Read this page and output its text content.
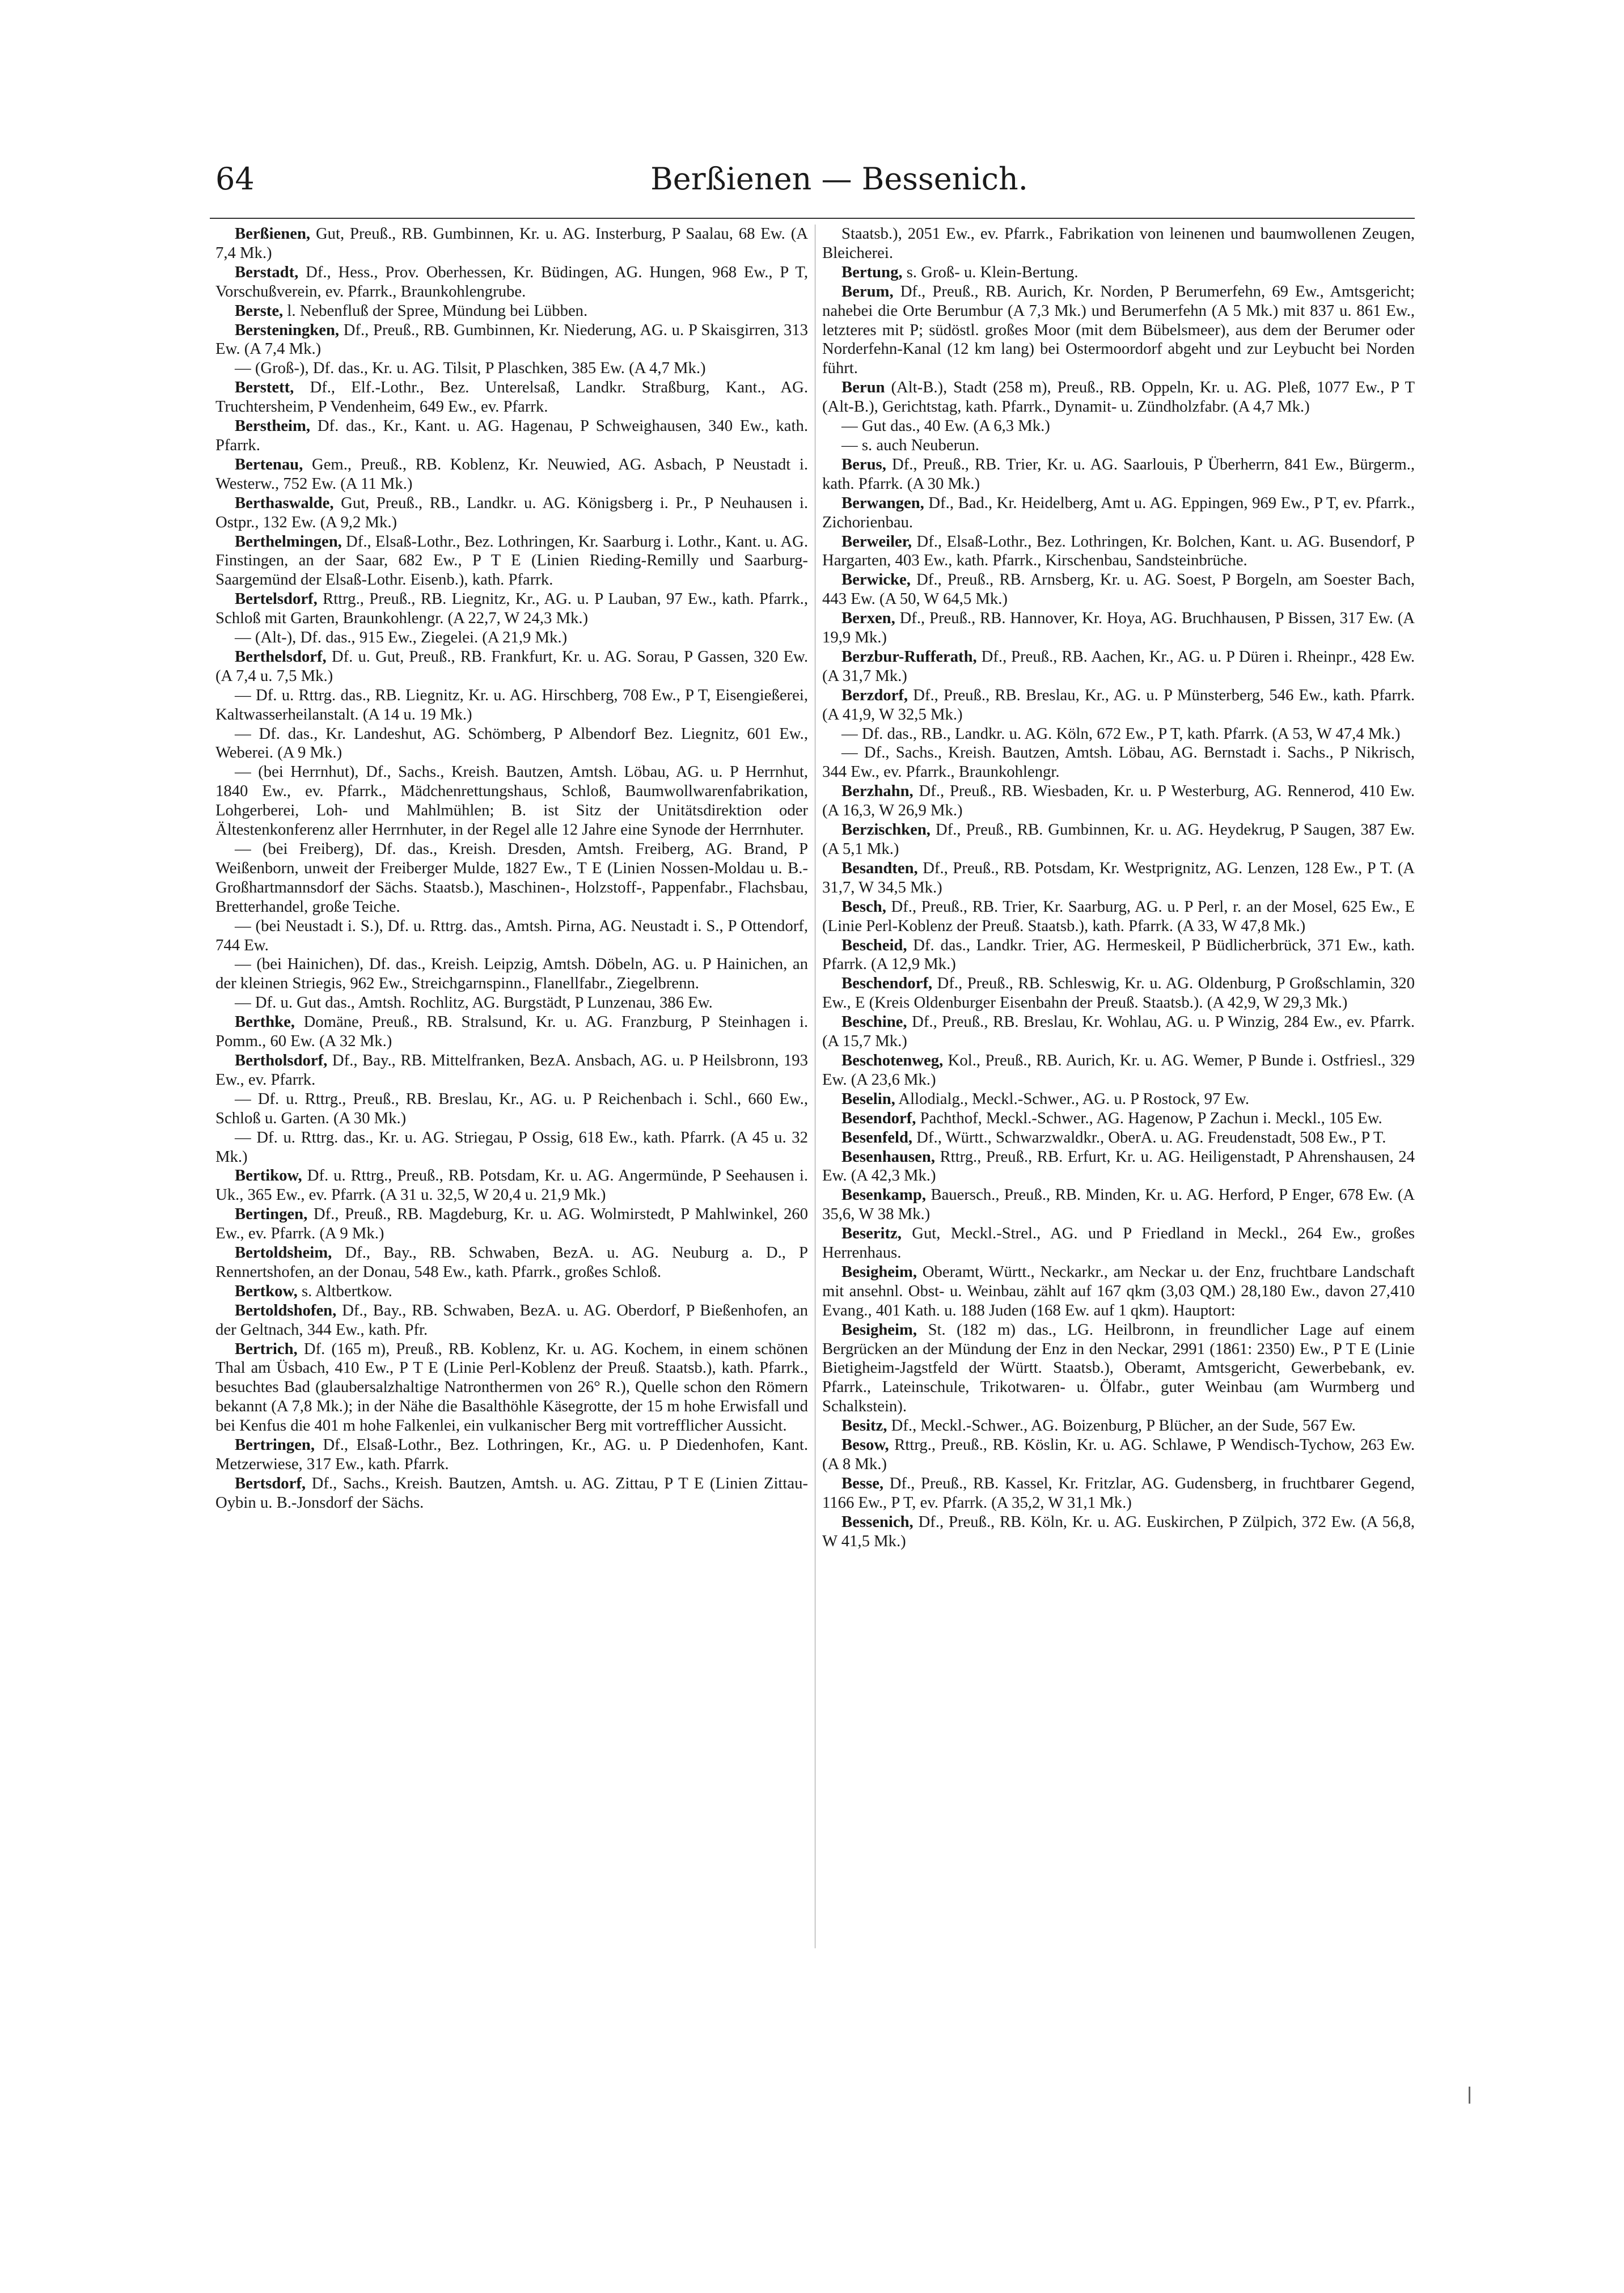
64	Berßienen — Bessenich.

Berßienen, Gut, Preuß., RB. Gumbinnen, Kr. u. AG. Insterburg, P Saalau, 68 Ew. (A 7,4 Mk.)

Berstadt, Df., Hess., Prov. Oberhessen, Kr. Büdingen, AG. Hungen, 968 Ew., P T, Vorschußverein, ev. Pfarrk., Braunkohlengrube.

Berste, l. Nebenfluß der Spree, Mündung bei Lübben.

Bersteningken, Df., Preuß., RB. Gumbinnen, Kr. Niederung, AG. u. P Skaisgirren, 313 Ew. (A 7,4 Mk.)

— (Groß-), Df. das., Kr. u. AG. Tilsit, P Plaschken, 385 Ew. (A 4,7 Mk.)

Berstett, Df., Elf.-Lothr., Bez. Unterelsaß, Landkr. Straßburg, Kant., AG. Truchtersheim, P Vendenheim, 649 Ew., ev. Pfarrk.

Berstheim, Df. das., Kr., Kant. u. AG. Hagenau, P Schweighausen, 340 Ew., kath. Pfarrk.

Bertenau, Gem., Preuß., RB. Koblenz, Kr. Neuwied, AG. Asbach, P Neustadt i. Westerw., 752 Ew. (A 11 Mk.)

Berthaswalde, Gut, Preuß., RB., Landkr. u. AG. Königsberg i. Pr., P Neuhausen i. Ostpr., 132 Ew. (A 9,2 Mk.)

Berthelmingen, Df., Elsaß-Lothr., Bez. Lothringen, Kr. Saarburg i. Lothr., Kant. u. AG. Finstingen, an der Saar, 682 Ew., P T E (Linien Rieding-Remilly und Saarburg-Saargemünd der Elsaß-Lothr. Eisenb.), kath. Pfarrk.

Bertelsdorf, Rttrg., Preuß., RB. Liegnitz, Kr., AG. u. P Lauban, 97 Ew., kath. Pfarrk., Schloß mit Garten, Braunkohlengr. (A 22,7, W 24,3 Mk.)

— (Alt-), Df. das., 915 Ew., Ziegelei. (A 21,9 Mk.)

Berthelsdorf, Df. u. Gut, Preuß., RB. Frankfurt, Kr. u. AG. Sorau, P Gassen, 320 Ew. (A 7,4 u. 7,5 Mk.)

— Df. u. Rttrg. das., RB. Liegnitz, Kr. u. AG. Hirschberg, 708 Ew., P T, Eisengießerei, Kaltwasserheilanstalt. (A 14 u. 19 Mk.)

— Df. das., Kr. Landeshut, AG. Schömberg, P Albendorf Bez. Liegnitz, 601 Ew., Weberei. (A 9 Mk.)

— (bei Herrnhut), Df., Sachs., Kreish. Bautzen, Amtsh. Löbau, AG. u. P Herrnhut, 1840 Ew., ev. Pfarrk., Mädchenrettungshaus, Schloß, Baumwollwarenfabrikation, Lohgerberei, Loh- und Mahlmühlen; B. ist Sitz der Unitätsdirektion oder Ältestenkonferenz aller Herrnhuter, in der Regel alle 12 Jahre eine Synode der Herrnhuter.

— (bei Freiberg), Df. das., Kreish. Dresden, Amtsh. Freiberg, AG. Brand, P Weißenborn, unweit der Freiberger Mulde, 1827 Ew., T E (Linien Nossen-Moldau u. B.-Großhartmannsdorf der Sächs. Staatsb.), Maschinen-, Holzstoff-, Pappenfabr., Flachsbau, Bretterhandel, große Teiche.

— (bei Neustadt i. S.), Df. u. Rttrg. das., Amtsh. Pirna, AG. Neustadt i. S., P Ottendorf, 744 Ew.

— (bei Hainichen), Df. das., Kreish. Leipzig, Amtsh. Döbeln, AG. u. P Hainichen, an der kleinen Striegis, 962 Ew., Streichgarnspinn., Flanellfabr., Ziegelbrenn.

— Df. u. Gut das., Amtsh. Rochlitz, AG. Burgstädt, P Lunzenau, 386 Ew.

Berthke, Domäne, Preuß., RB. Stralsund, Kr. u. AG. Franzburg, P Steinhagen i. Pomm., 60 Ew. (A 32 Mk.)

Bertholsdorf, Df., Bay., RB. Mittelfranken, BezA. Ansbach, AG. u. P Heilsbronn, 193 Ew., ev. Pfarrk.

— Df. u. Rttrg., Preuß., RB. Breslau, Kr., AG. u. P Reichenbach i. Schl., 660 Ew., Schloß u. Garten. (A 30 Mk.)

— Df. u. Rttrg. das., Kr. u. AG. Striegau, P Ossig, 618 Ew., kath. Pfarrk. (A 45 u. 32 Mk.)

Bertikow, Df. u. Rttrg., Preuß., RB. Potsdam, Kr. u. AG. Angermünde, P Seehausen i. Uk., 365 Ew., ev. Pfarrk. (A 31 u. 32,5, W 20,4 u. 21,9 Mk.)

Bertingen, Df., Preuß., RB. Magdeburg, Kr. u. AG. Wolmirstedt, P Mahlwinkel, 260 Ew., ev. Pfarrk. (A 9 Mk.)

Bertoldsheim, Df., Bay., RB. Schwaben, BezA. u. AG. Neuburg a. D., P Rennertshofen, an der Donau, 548 Ew., kath. Pfarrk., großes Schloß.

Bertkow, s. Altbertkow.

Bertoldshofen, Df., Bay., RB. Schwaben, BezA. u. AG. Oberdorf, P Bießenhofen, an der Geltnach, 344 Ew., kath. Pfr.

Bertrich, Df. (165 m), Preuß., RB. Koblenz, Kr. u. AG. Kochem, in einem schönen Thal am Üsbach, 410 Ew., P T E (Linie Perl-Koblenz der Preuß. Staatsb.), kath. Pfarrk., besuchtes Bad (glaubersalzhaltige Natronthermen von 26° R.), Quelle schon den Römern bekannt (A 7,8 Mk.); in der Nähe die Basalthöhle Käsegrotte, der 15 m hohe Erwisfall und bei Kenfus die 401 m hohe Falkenlei, ein vulkanischer Berg mit vortrefflicher Aussicht.

Bertringen, Df., Elsaß-Lothr., Bez. Lothringen, Kr., AG. u. P Diedenhofen, Kant. Metzerwiese, 317 Ew., kath. Pfarrk.

Bertsdorf, Df., Sachs., Kreish. Bautzen, Amtsh. u. AG. Zittau, P T E (Linien Zittau-Oybin u. B.-Jonsdorf der Sächs.

Staatsb.), 2051 Ew., ev. Pfarrk., Fabrikation von leinenen und baumwollenen Zeugen, Bleicherei.

Bertung, s. Groß- u. Klein-Bertung.

Berum, Df., Preuß., RB. Aurich, Kr. Norden, P Berumerfehn, 69 Ew., Amtsgericht; nahebei die Orte Berumbur (A 7,3 Mk.) und Berumerfehn (A 5 Mk.) mit 837 u. 861 Ew., letzteres mit P; südöstl. großes Moor (mit dem Bübelsmeer), aus dem der Berumer oder Norderfehn-Kanal (12 km lang) bei Ostermoordorf abgeht und zur Leybucht bei Norden führt.

Berun (Alt-B.), Stadt (258 m), Preuß., RB. Oppeln, Kr. u. AG. Pleß, 1077 Ew., P T (Alt-B.), Gerichtstag, kath. Pfarrk., Dynamit- u. Zündholzfabr. (A 4,7 Mk.)

— Gut das., 40 Ew. (A 6,3 Mk.)

— s. auch Neuberun.

Berus, Df., Preuß., RB. Trier, Kr. u. AG. Saarlouis, P Überherrn, 841 Ew., Bürgerm., kath. Pfarrk. (A 30 Mk.)

Berwangen, Df., Bad., Kr. Heidelberg, Amt u. AG. Eppingen, 969 Ew., P T, ev. Pfarrk., Zichorienbau.

Berweiler, Df., Elsaß-Lothr., Bez. Lothringen, Kr. Bolchen, Kant. u. AG. Busendorf, P Hargarten, 403 Ew., kath. Pfarrk., Kirschenbau, Sandsteinbrüche.

Berwicke, Df., Preuß., RB. Arnsberg, Kr. u. AG. Soest, P Borgeln, am Soester Bach, 443 Ew. (A 50, W 64,5 Mk.)

Berxen, Df., Preuß., RB. Hannover, Kr. Hoya, AG. Bruchhausen, P Bissen, 317 Ew. (A 19,9 Mk.)

Berzbur-Rufferath, Df., Preuß., RB. Aachen, Kr., AG. u. P Düren i. Rheinpr., 428 Ew. (A 31,7 Mk.)

Berzdorf, Df., Preuß., RB. Breslau, Kr., AG. u. P Münsterberg, 546 Ew., kath. Pfarrk. (A 41,9, W 32,5 Mk.)

— Df. das., RB., Landkr. u. AG. Köln, 672 Ew., P T, kath. Pfarrk. (A 53, W 47,4 Mk.)

— Df., Sachs., Kreish. Bautzen, Amtsh. Löbau, AG. Bernstadt i. Sachs., P Nikrisch, 344 Ew., ev. Pfarrk., Braunkohlengr.

Berzhahn, Df., Preuß., RB. Wiesbaden, Kr. u. P Westerburg, AG. Rennerod, 410 Ew. (A 16,3, W 26,9 Mk.)

Berzischken, Df., Preuß., RB. Gumbinnen, Kr. u. AG. Heydekrug, P Saugen, 387 Ew. (A 5,1 Mk.)

Besandten, Df., Preuß., RB. Potsdam, Kr. Westprignitz, AG. Lenzen, 128 Ew., P T. (A 31,7, W 34,5 Mk.)

Besch, Df., Preuß., RB. Trier, Kr. Saarburg, AG. u. P Perl, r. an der Mosel, 625 Ew., E (Linie Perl-Koblenz der Preuß. Staatsb.), kath. Pfarrk. (A 33, W 47,8 Mk.)

Bescheid, Df. das., Landkr. Trier, AG. Hermeskeil, P Büdlicherbrück, 371 Ew., kath. Pfarrk. (A 12,9 Mk.)

Beschendorf, Df., Preuß., RB. Schleswig, Kr. u. AG. Oldenburg, P Großschlamin, 320 Ew., E (Kreis Oldenburger Eisenbahn der Preuß. Staatsb.). (A 42,9, W 29,3 Mk.)

Beschine, Df., Preuß., RB. Breslau, Kr. Wohlau, AG. u. P Winzig, 284 Ew., ev. Pfarrk. (A 15,7 Mk.)

Beschotenweg, Kol., Preuß., RB. Aurich, Kr. u. AG. Wemer, P Bunde i. Ostfriesl., 329 Ew. (A 23,6 Mk.)

Beselin, Allodialg., Meckl.-Schwer., AG. u. P Rostock, 97 Ew.

Besendorf, Pachthof, Meckl.-Schwer., AG. Hagenow, P Zachun i. Meckl., 105 Ew.

Besenfeld, Df., Württ., Schwarzwaldkr., OberA. u. AG. Freudenstadt, 508 Ew., P T.

Besenhausen, Rttrg., Preuß., RB. Erfurt, Kr. u. AG. Heiligenstadt, P Ahrenshausen, 24 Ew. (A 42,3 Mk.)

Besenkamp, Bauersch., Preuß., RB. Minden, Kr. u. AG. Herford, P Enger, 678 Ew. (A 35,6, W 38 Mk.)

Beseritz, Gut, Meckl.-Strel., AG. und P Friedland in Meckl., 264 Ew., großes Herrenhaus.

Besigheim, Oberamt, Württ., Neckarkr., am Neckar u. der Enz, fruchtbare Landschaft mit ansehnl. Obst- u. Weinbau, zählt auf 167 qkm (3,03 QM.) 28,180 Ew., davon 27,410 Evang., 401 Kath. u. 188 Juden (168 Ew. auf 1 qkm). Hauptort:

Besigheim, St. (182 m) das., LG. Heilbronn, in freundlicher Lage auf einem Bergrücken an der Mündung der Enz in den Neckar, 2991 (1861: 2350) Ew., P T E (Linie Bietigheim-Jagstfeld der Württ. Staatsb.), Oberamt, Amtsgericht, Gewerbebank, ev. Pfarrk., Lateinschule, Trikotwaren- u. Ölfabr., guter Weinbau (am Wurmberg und Schalkstein).

Besitz, Df., Meckl.-Schwer., AG. Boizenburg, P Blücher, an der Sude, 567 Ew.

Besow, Rttrg., Preuß., RB. Köslin, Kr. u. AG. Schlawe, P Wendisch-Tychow, 263 Ew. (A 8 Mk.)

Besse, Df., Preuß., RB. Kassel, Kr. Fritzlar, AG. Gudensberg, in fruchtbarer Gegend, 1166 Ew., P T, ev. Pfarrk. (A 35,2, W 31,1 Mk.)

Bessenich, Df., Preuß., RB. Köln, Kr. u. AG. Euskirchen, P Zülpich, 372 Ew. (A 56,8, W 41,5 Mk.)
